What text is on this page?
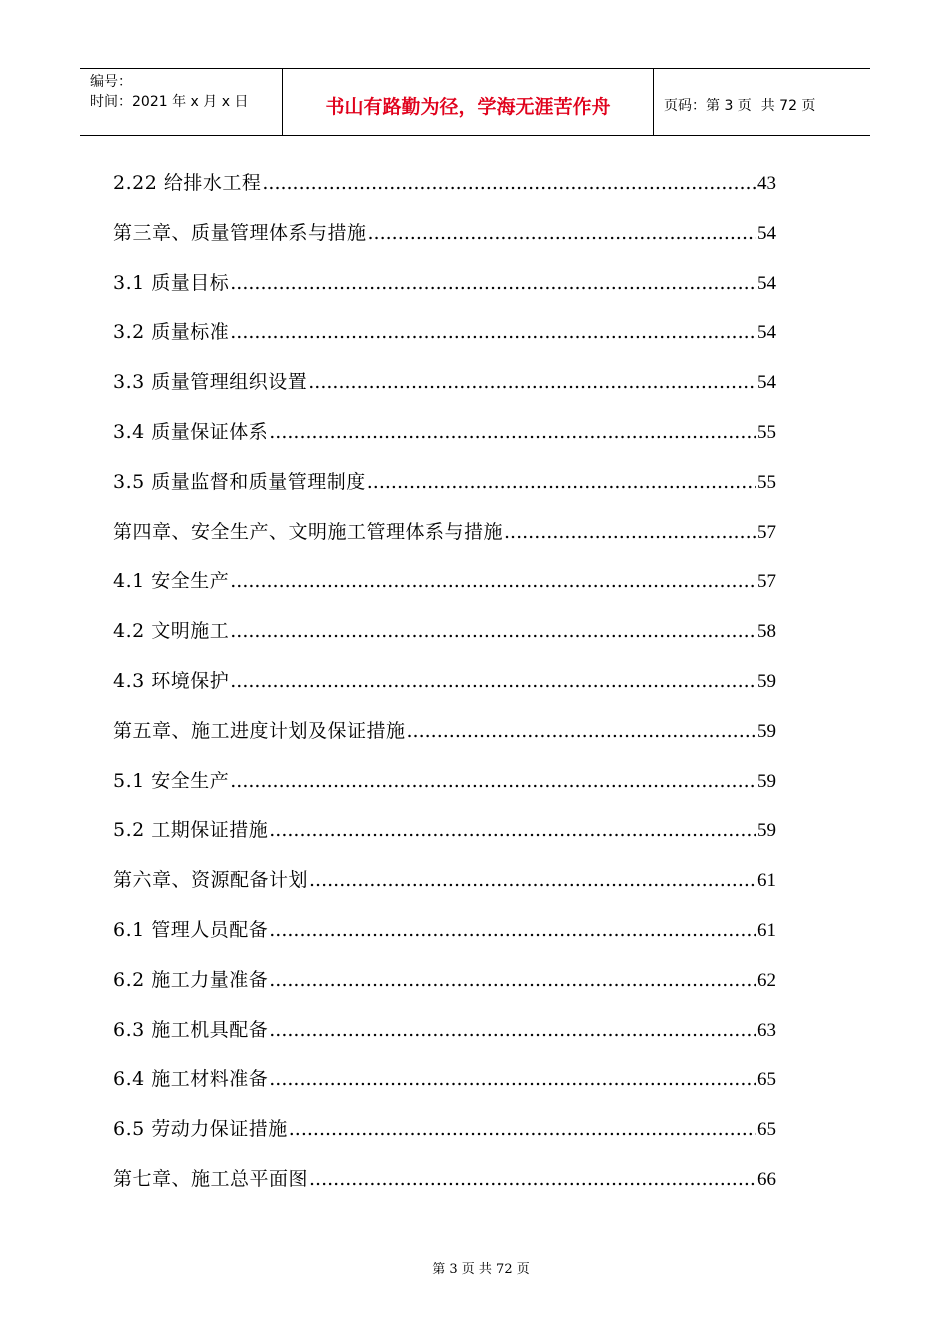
编号：
时间：2021 年 x 月 x 日	书山有路勤为径，学海无涯苦作舟	页码：第 3 页  共 72 页
2.22 给排水工程 .....	43
第三章、质量管理体系与措施 .....	54
3.1 质量目标 .....	54
3.2 质量标准 .....	54
3.3 质量管理组织设置 .....	54
3.4 质量保证体系 .....	55
3.5 质量监督和质量管理制度 .....	55
第四章、安全生产、文明施工管理体系与措施 .....	57
4.1 安全生产 .....	57
4.2 文明施工 .....	58
4.3 环境保护 .....	59
第五章、施工进度计划及保证措施 .....	59
5.1 安全生产 .....	59
5.2 工期保证措施 .....	59
第六章、资源配备计划 .....	61
6.1 管理人员配备 .....	61
6.2 施工力量准备 .....	62
6.3 施工机具配备 .....	63
6.4 施工材料准备 .....	65
6.5 劳动力保证措施 .....	65
第七章、施工总平面图 .....	66
第 3 页 共 72 页
